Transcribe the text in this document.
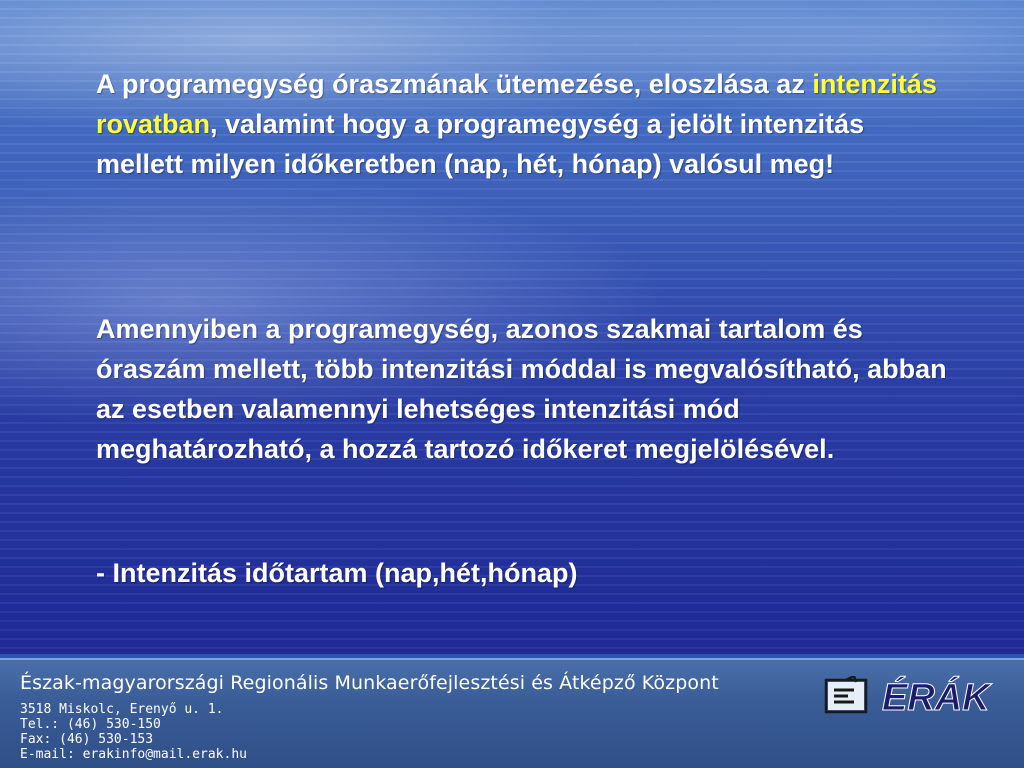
A programegység óraszmának ütemezése, eloszlása az intenzitás rovatban, valamint hogy a programegység a jelölt intenzitás mellett milyen időkeretben (nap, hét, hónap) valósul meg!
Amennyiben a programegység, azonos szakmai tartalom és óraszám mellett, több intenzitási móddal is megvalósítható, abban az esetben valamennyi lehetséges intenzitási mód meghatározható, a hozzá tartozó időkeret megjelölésével.
- Intenzitás időtartam (nap,hét,hónap)
Észak-magyarországi Regionális Munkaerőfejlesztési és Átképző Központ
3518 Miskolc, Erenyő u. 1.
Tel.: (46) 530-150
Fax: (46) 530-153
E-mail: erakinfo@mail.erak.hu
ÉRÁK
